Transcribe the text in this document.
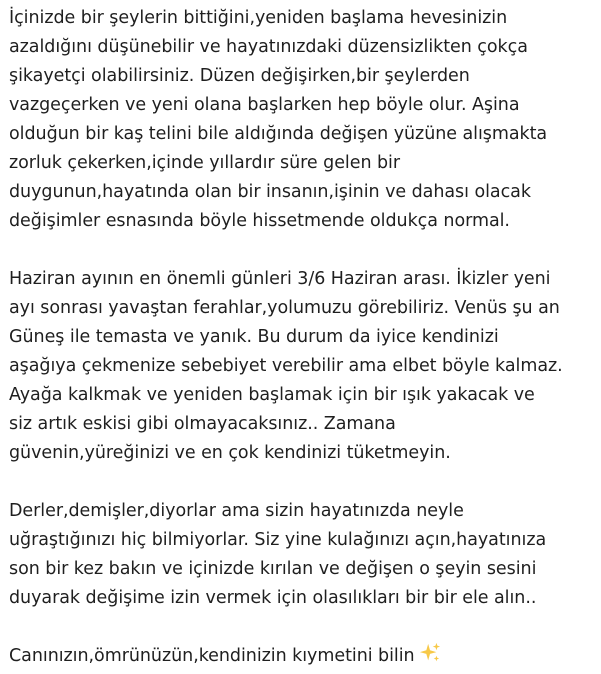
İçinizde bir şeylerin bittiğini,yeniden başlama hevesinizin
azaldığını düşünebilir ve hayatınızdaki düzensizlikten çokça
şikayetçi olabilirsiniz. Düzen değişirken,bir şeylerden
vazgeçerken ve yeni olana başlarken hep böyle olur. Aşina
olduğun bir kaş telini bile aldığında değişen yüzüne alışmakta
zorluk çekerken,içinde yıllardır süre gelen bir
duygunun,hayatında olan bir insanın,işinin ve dahası olacak
değişimler esnasında böyle hissetmende oldukça normal.
Haziran ayının en önemli günleri 3/6 Haziran arası. İkizler yeni
ayı sonrası yavaştan ferahlar,yolumuzu görebiliriz. Venüs şu an
Güneş ile temasta ve yanık. Bu durum da iyice kendinizi
aşağıya çekmenize sebebiyet verebilir ama elbet böyle kalmaz.
Ayağa kalkmak ve yeniden başlamak için bir ışık yakacak ve
siz artık eskisi gibi olmayacaksınız.. Zamana
güvenin,yüreğinizi ve en çok kendinizi tüketmeyin.
Derler,demişler,diyorlar ama sizin hayatınızda neyle
uğraştığınızı hiç bilmiyorlar. Siz yine kulağınızı açın,hayatınıza
son bir kez bakın ve içinizde kırılan ve değişen o şeyin sesini
duyarak değişime izin vermek için olasılıkları bir bir ele alın..
Canınızın,ömrünüzün,kendinizin kıymetini bilin
